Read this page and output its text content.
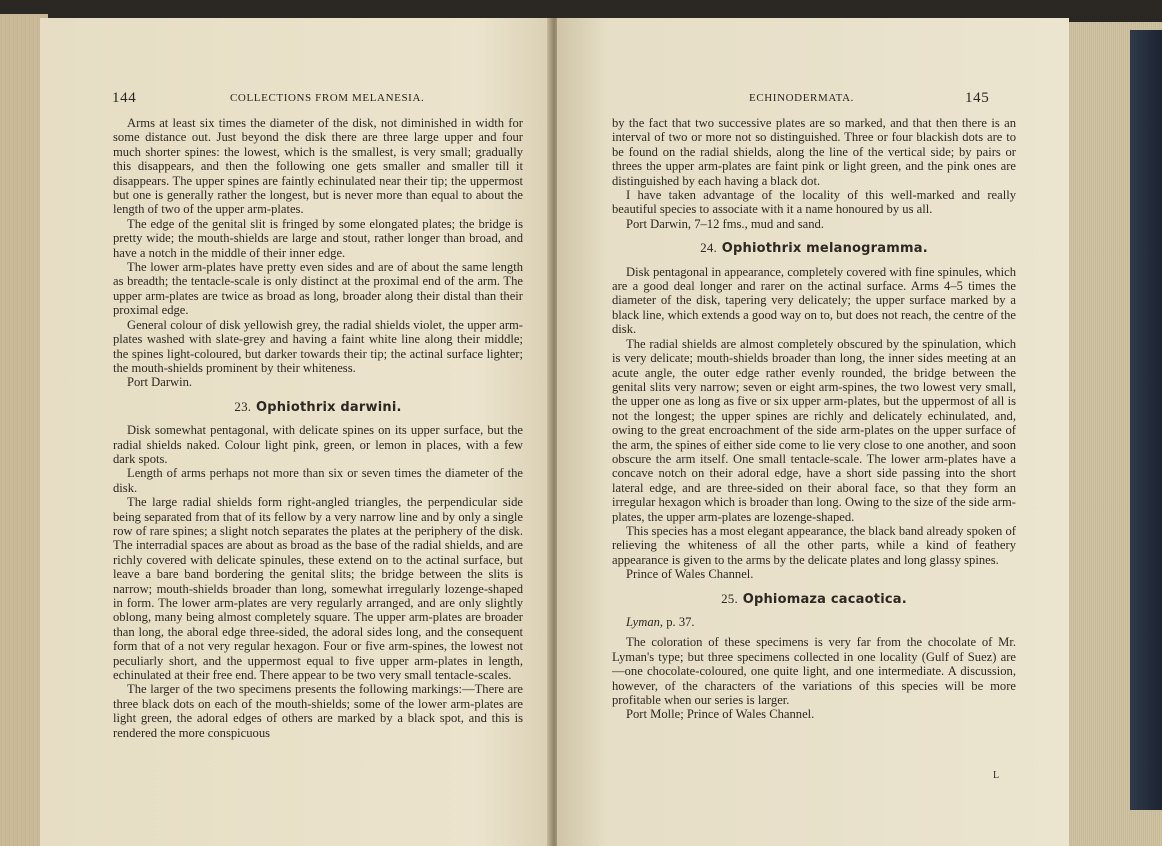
144	COLLECTIONS FROM MELANESIA.

Arms at least six times the diameter of the disk, not diminished in width for some distance out. Just beyond the disk there are three large upper and four much shorter spines: the lowest, which is the smallest, is very small; gradually this disappears, and then the following one gets smaller and smaller till it disappears. The upper spines are faintly echinulated near their tip; the uppermost but one is generally rather the longest, but is never more than equal to about the length of two of the upper arm-plates.

The edge of the genital slit is fringed by some elongated plates; the bridge is pretty wide; the mouth-shields are large and stout, rather longer than broad, and have a notch in the middle of their inner edge.

The lower arm-plates have pretty even sides and are of about the same length as breadth; the tentacle-scale is only distinct at the proximal end of the arm. The upper arm-plates are twice as broad as long, broader along their distal than their proximal edge.

General colour of disk yellowish grey, the radial shields violet, the upper arm-plates washed with slate-grey and having a faint white line along their middle; the spines light-coloured, but darker towards their tip; the actinal surface lighter; the mouth-shields prominent by their whiteness.

Port Darwin.

23. Ophiothrix darwini.

Disk somewhat pentagonal, with delicate spines on its upper surface, but the radial shields naked. Colour light pink, green, or lemon in places, with a few dark spots.

Length of arms perhaps not more than six or seven times the diameter of the disk.

The large radial shields form right-angled triangles, the perpendicular side being separated from that of its fellow by a very narrow line and by only a single row of rare spines; a slight notch separates the plates at the periphery of the disk. The interradial spaces are about as broad as the base of the radial shields, and are richly covered with delicate spinules, these extend on to the actinal surface, but leave a bare band bordering the genital slits; the bridge between the slits is narrow; mouth-shields broader than long, somewhat irregularly lozenge-shaped in form. The lower arm-plates are very regularly arranged, and are only slightly oblong, many being almost completely square. The upper arm-plates are broader than long, the aboral edge three-sided, the adoral sides long, and the consequent form that of a not very regular hexagon. Four or five arm-spines, the lowest not peculiarly short, and the uppermost equal to five upper arm-plates in length, echinulated at their free end. There appear to be two very small tentacle-scales.

The larger of the two specimens presents the following markings:—There are three black dots on each of the mouth-shields; some of the lower arm-plates are light green, the adoral edges of others are marked by a black spot, and this is rendered the more conspicuous

ECHINODERMATA.	145

by the fact that two successive plates are so marked, and that then there is an interval of two or more not so distinguished. Three or four blackish dots are to be found on the radial shields, along the line of the vertical side; by pairs or threes the upper arm-plates are faint pink or light green, and the pink ones are distinguished by each having a black dot.

I have taken advantage of the locality of this well-marked and really beautiful species to associate with it a name honoured by us all.

Port Darwin, 7–12 fms., mud and sand.

24. Ophiothrix melanogramma.

Disk pentagonal in appearance, completely covered with fine spinules, which are a good deal longer and rarer on the actinal surface. Arms 4–5 times the diameter of the disk, tapering very delicately; the upper surface marked by a black line, which extends a good way on to, but does not reach, the centre of the disk.

The radial shields are almost completely obscured by the spinulation, which is very delicate; mouth-shields broader than long, the inner sides meeting at an acute angle, the outer edge rather evenly rounded, the bridge between the genital slits very narrow; seven or eight arm-spines, the two lowest very small, the upper one as long as five or six upper arm-plates, but the uppermost of all is not the longest; the upper spines are richly and delicately echinulated, and, owing to the great encroachment of the side arm-plates on the upper surface of the arm, the spines of either side come to lie very close to one another, and soon obscure the arm itself. One small tentacle-scale. The lower arm-plates have a concave notch on their adoral edge, have a short side passing into the short lateral edge, and are three-sided on their aboral face, so that they form an irregular hexagon which is broader than long. Owing to the size of the side arm-plates, the upper arm-plates are lozenge-shaped.

This species has a most elegant appearance, the black band already spoken of relieving the whiteness of all the other parts, while a kind of feathery appearance is given to the arms by the delicate plates and long glassy spines.

Prince of Wales Channel.

25. Ophiomaza cacaotica.

Lyman, p. 37.

The coloration of these specimens is very far from the chocolate of Mr. Lyman's type; but three specimens collected in one locality (Gulf of Suez) are—one chocolate-coloured, one quite light, and one intermediate. A discussion, however, of the characters of the variations of this species will be more profitable when our series is larger.

Port Molle; Prince of Wales Channel.

L
